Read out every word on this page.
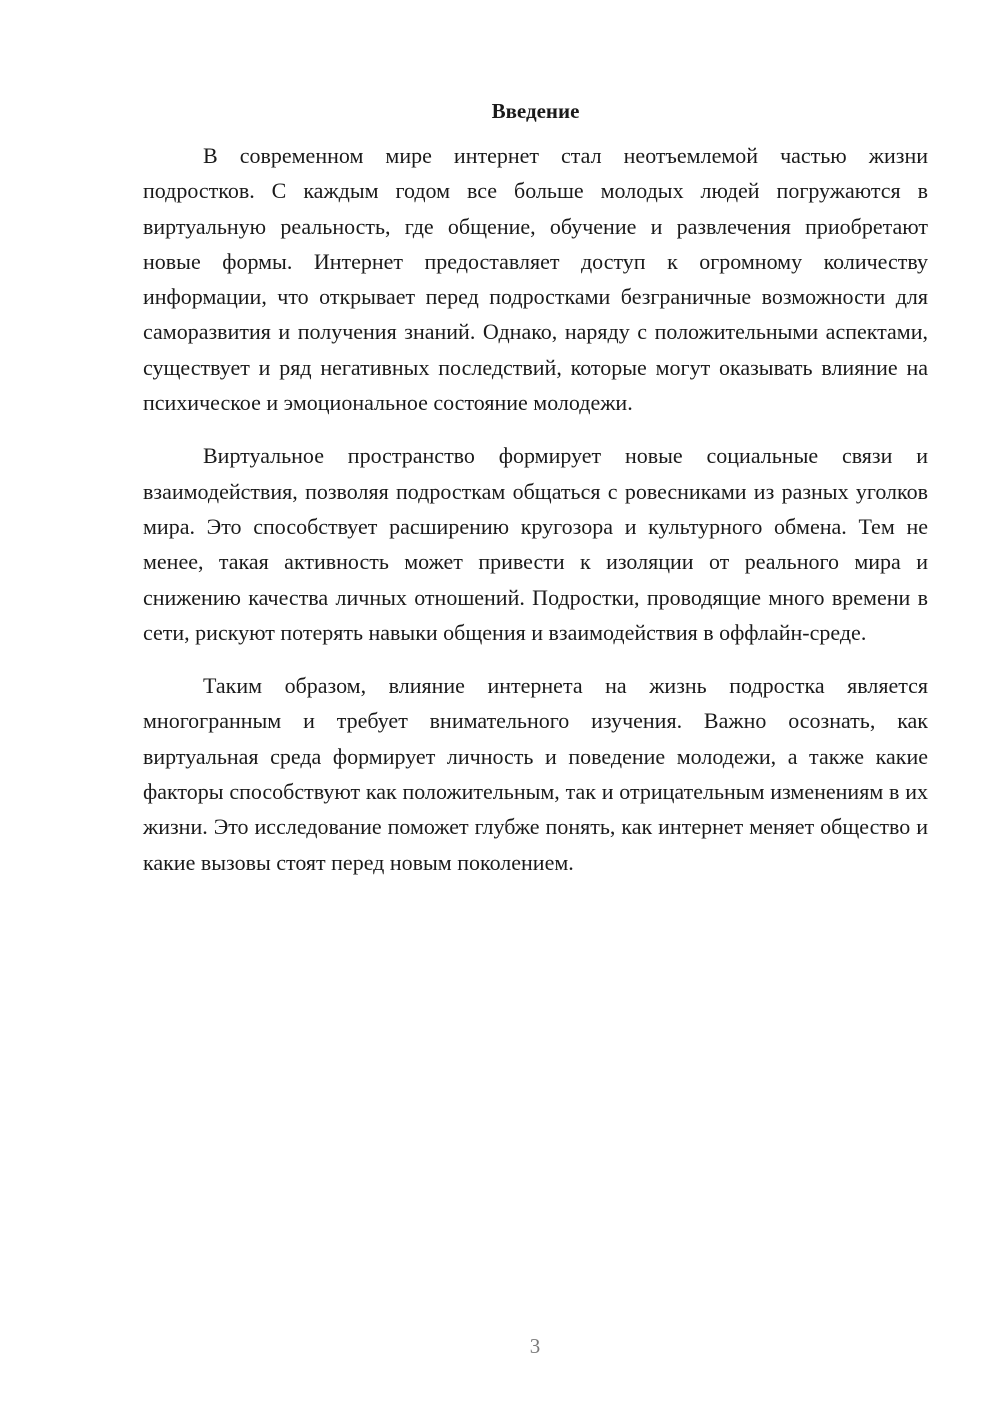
Введение

В современном мире интернет стал неотъемлемой частью жизни подростков. С каждым годом все больше молодых людей погружаются в виртуальную реальность, где общение, обучение и развлечения приобретают новые формы. Интернет предоставляет доступ к огромному количеству информации, что открывает перед подростками безграничные возможности для саморазвития и получения знаний. Однако, наряду с положительными аспектами, существует и ряд негативных последствий, которые могут оказывать влияние на психическое и эмоциональное состояние молодежи.

Виртуальное пространство формирует новые социальные связи и взаимодействия, позволяя подросткам общаться с ровесниками из разных уголков мира. Это способствует расширению кругозора и культурного обмена. Тем не менее, такая активность может привести к изоляции от реального мира и снижению качества личных отношений. Подростки, проводящие много времени в сети, рискуют потерять навыки общения и взаимодействия в оффлайн-среде.

Таким образом, влияние интернета на жизнь подростка является многогранным и требует внимательного изучения. Важно осознать, как виртуальная среда формирует личность и поведение молодежи, а также какие факторы способствуют как положительным, так и отрицательным изменениям в их жизни. Это исследование поможет глубже понять, как интернет меняет общество и какие вызовы стоят перед новым поколением.

3
